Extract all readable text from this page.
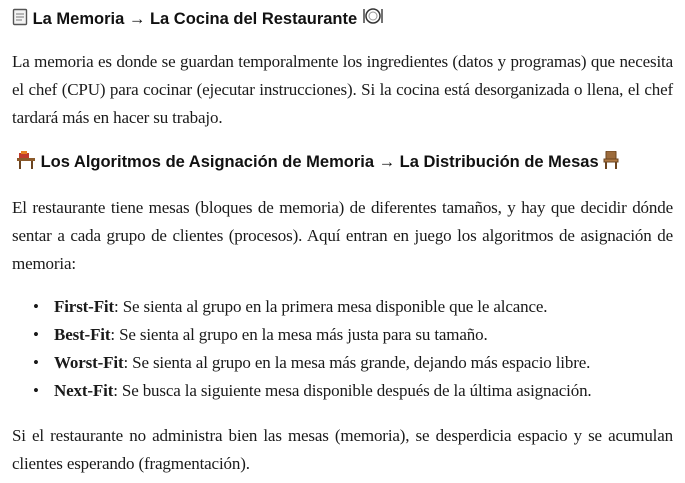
La Memoria → La Cocina del Restaurante

La memoria es donde se guardan temporalmente los ingredientes (datos y programas) que necesita el chef (CPU) para cocinar (ejecutar instrucciones). Si la cocina está desorganizada o llena, el chef tardará más en hacer su trabajo.

Los Algoritmos de Asignación de Memoria → La Distribución de Mesas

El restaurante tiene mesas (bloques de memoria) de diferentes tamaños, y hay que decidir dónde sentar a cada grupo de clientes (procesos). Aquí entran en juego los algoritmos de asignación de memoria:

• First-Fit: Se sienta al grupo en la primera mesa disponible que le alcance.
• Best-Fit: Se sienta al grupo en la mesa más justa para su tamaño.
• Worst-Fit: Se sienta al grupo en la mesa más grande, dejando más espacio libre.
• Next-Fit: Se busca la siguiente mesa disponible después de la última asignación.

Si el restaurante no administra bien las mesas (memoria), se desperdicia espacio y se acumulan clientes esperando (fragmentación).
